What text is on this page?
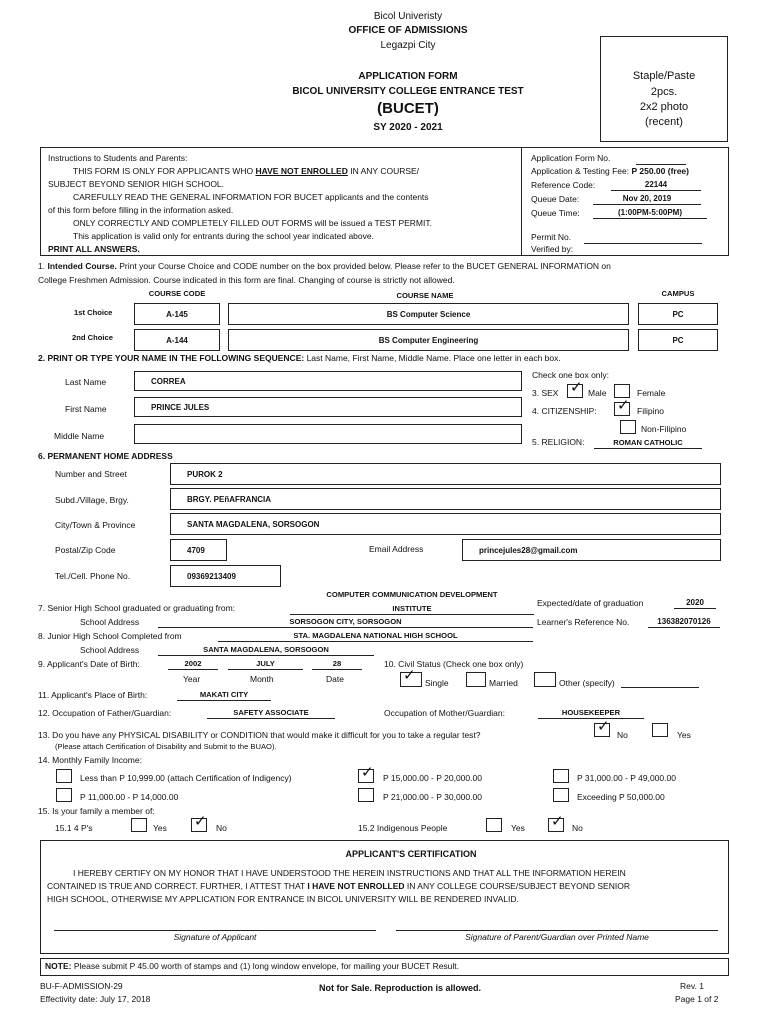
Bicol Univeristy
OFFICE OF ADMISSIONS
Legazpi City
APPLICATION FORM
BICOL UNIVERSITY COLLEGE ENTRANCE TEST
(BUCET)
SY 2020 - 2021
Staple/Paste
2pcs.
2x2 photo
(recent)
Instructions to Students and Parents:
THIS FORM IS ONLY FOR APPLICANTS WHO HAVE NOT ENROLLED IN ANY COURSE/
SUBJECT BEYOND SENIOR HIGH SCHOOL.
CAREFULLY READ THE GENERAL INFORMATION FOR BUCET applicants and the contents
of this form before filling in the information asked.
ONLY CORRECTLY AND COMPLETELY FILLED OUT FORMS will be issued a TEST PERMIT.
This application is valid only for entrants during the school year indicated above.
PRINT ALL ANSWERS.
Application Form No.
Application & Testing Fee: P 250.00 (free)
Reference Code:	22144
Queue Date:	Nov 20, 2019
Queue Time:	(1:00PM-5:00PM)
Permit No.
Verified by:
1. Intended Course. Print your Course Choice and CODE number on the box provided below. Please refer to the BUCET GENERAL INFORMATION on
College Freshmen Admission. Course indicated in this form are final. Changing of course is strictly not allowed.
COURSE CODE	COURSE NAME	CAMPUS
1st Choice	A-145	BS Computer Science	PC
2nd Choice	A-144	BS Computer Engineering	PC
2. PRINT OR TYPE YOUR NAME IN THE FOLLOWING SEQUENCE: Last Name, First Name, Middle Name. Place one letter in each box.
Last Name	CORREA
First Name	PRINCE JULES
Middle Name
Check one box only:
3. SEX ✓	Male	Female
4. CITIZENSHIP: ✓	Filipino
Non-Filipino
5. RELIGION:	ROMAN CATHOLIC
6. PERMANENT HOME ADDRESS
Number and Street	PUROK 2
Subd./Village, Brgy.	BRGY. PEñAFRANCIA
City/Town & Province	SANTA MAGDALENA, SORSOGON
Postal/Zip Code	4709	Email Address	princejules28@gmail.com
Tel./Cell. Phone No.	09369213409
COMPUTER COMMUNICATION DEVELOPMENT
7. Senior High School graduated or graduating from:	INSTITUTE
Expected/date of graduation	2020
School Address	SORSOGON CITY, SORSOGON	Learner's Reference No.	136382070126
8. Junior High School Completed from	STA. MAGDALENA NATIONAL HIGH SCHOOL
School Address	SANTA MAGDALENA, SORSOGON
9. Applicant's Date of Birth:	2002	JULY	28
Year	Month	Date
10. Civil Status (Check one box only)
✓
Single	Married	Other (specify)
11. Applicant's Place of Birth:	MAKATI CITY
12. Occupation of Father/Guardian:	SAFETY ASSOCIATE	Occupation of Mother/Guardian:	HOUSEKEEPER
13. Do you have any PHYSICAL DISABILITY or CONDITION that would make it difficult for you to take a regular test?
(Please attach Certification of Disability and Submit to the BUAO).
✓
No	Yes
14. Monthly Family Income:
Less than P 10,999.00 (attach Certification of Indigency) ✓	P 15,000.00 - P 20,000.00	P 31,000.00 - P 49,000.00
P 11,000.00 - P 14,000.00	P 21,000.00 - P 30,000.00	Exceeding P 50,000.00
15. Is your family a member of:
15.1 4 P's	Yes ✓	No	15.2 Indigenous People	Yes ✓	No
APPLICANT'S CERTIFICATION
I HEREBY CERTIFY ON MY HONOR THAT I HAVE UNDERSTOOD THE HEREIN INSTRUCTIONS AND THAT ALL THE INFORMATION HEREIN
CONTAINED IS TRUE AND CORRECT. FURTHER, I ATTEST THAT I HAVE NOT ENROLLED IN ANY COLLEGE COURSE/SUBJECT BEYOND SENIOR
HIGH SCHOOL, OTHERWISE MY APPLICATION FOR ENTRANCE IN BICOL UNIVERSITY WILL BE RENDERED INVALID.
Signature of Applicant	Signature of Parent/Guardian over Printed Name
NOTE: Please submit P 45.00 worth of stamps and (1) long window envelope, for mailing your BUCET Result.
BU-F-ADMISSION-29
Effectivity date: July 17, 2018
Not for Sale. Reproduction is allowed.	Rev. 1
Page 1 of 2
